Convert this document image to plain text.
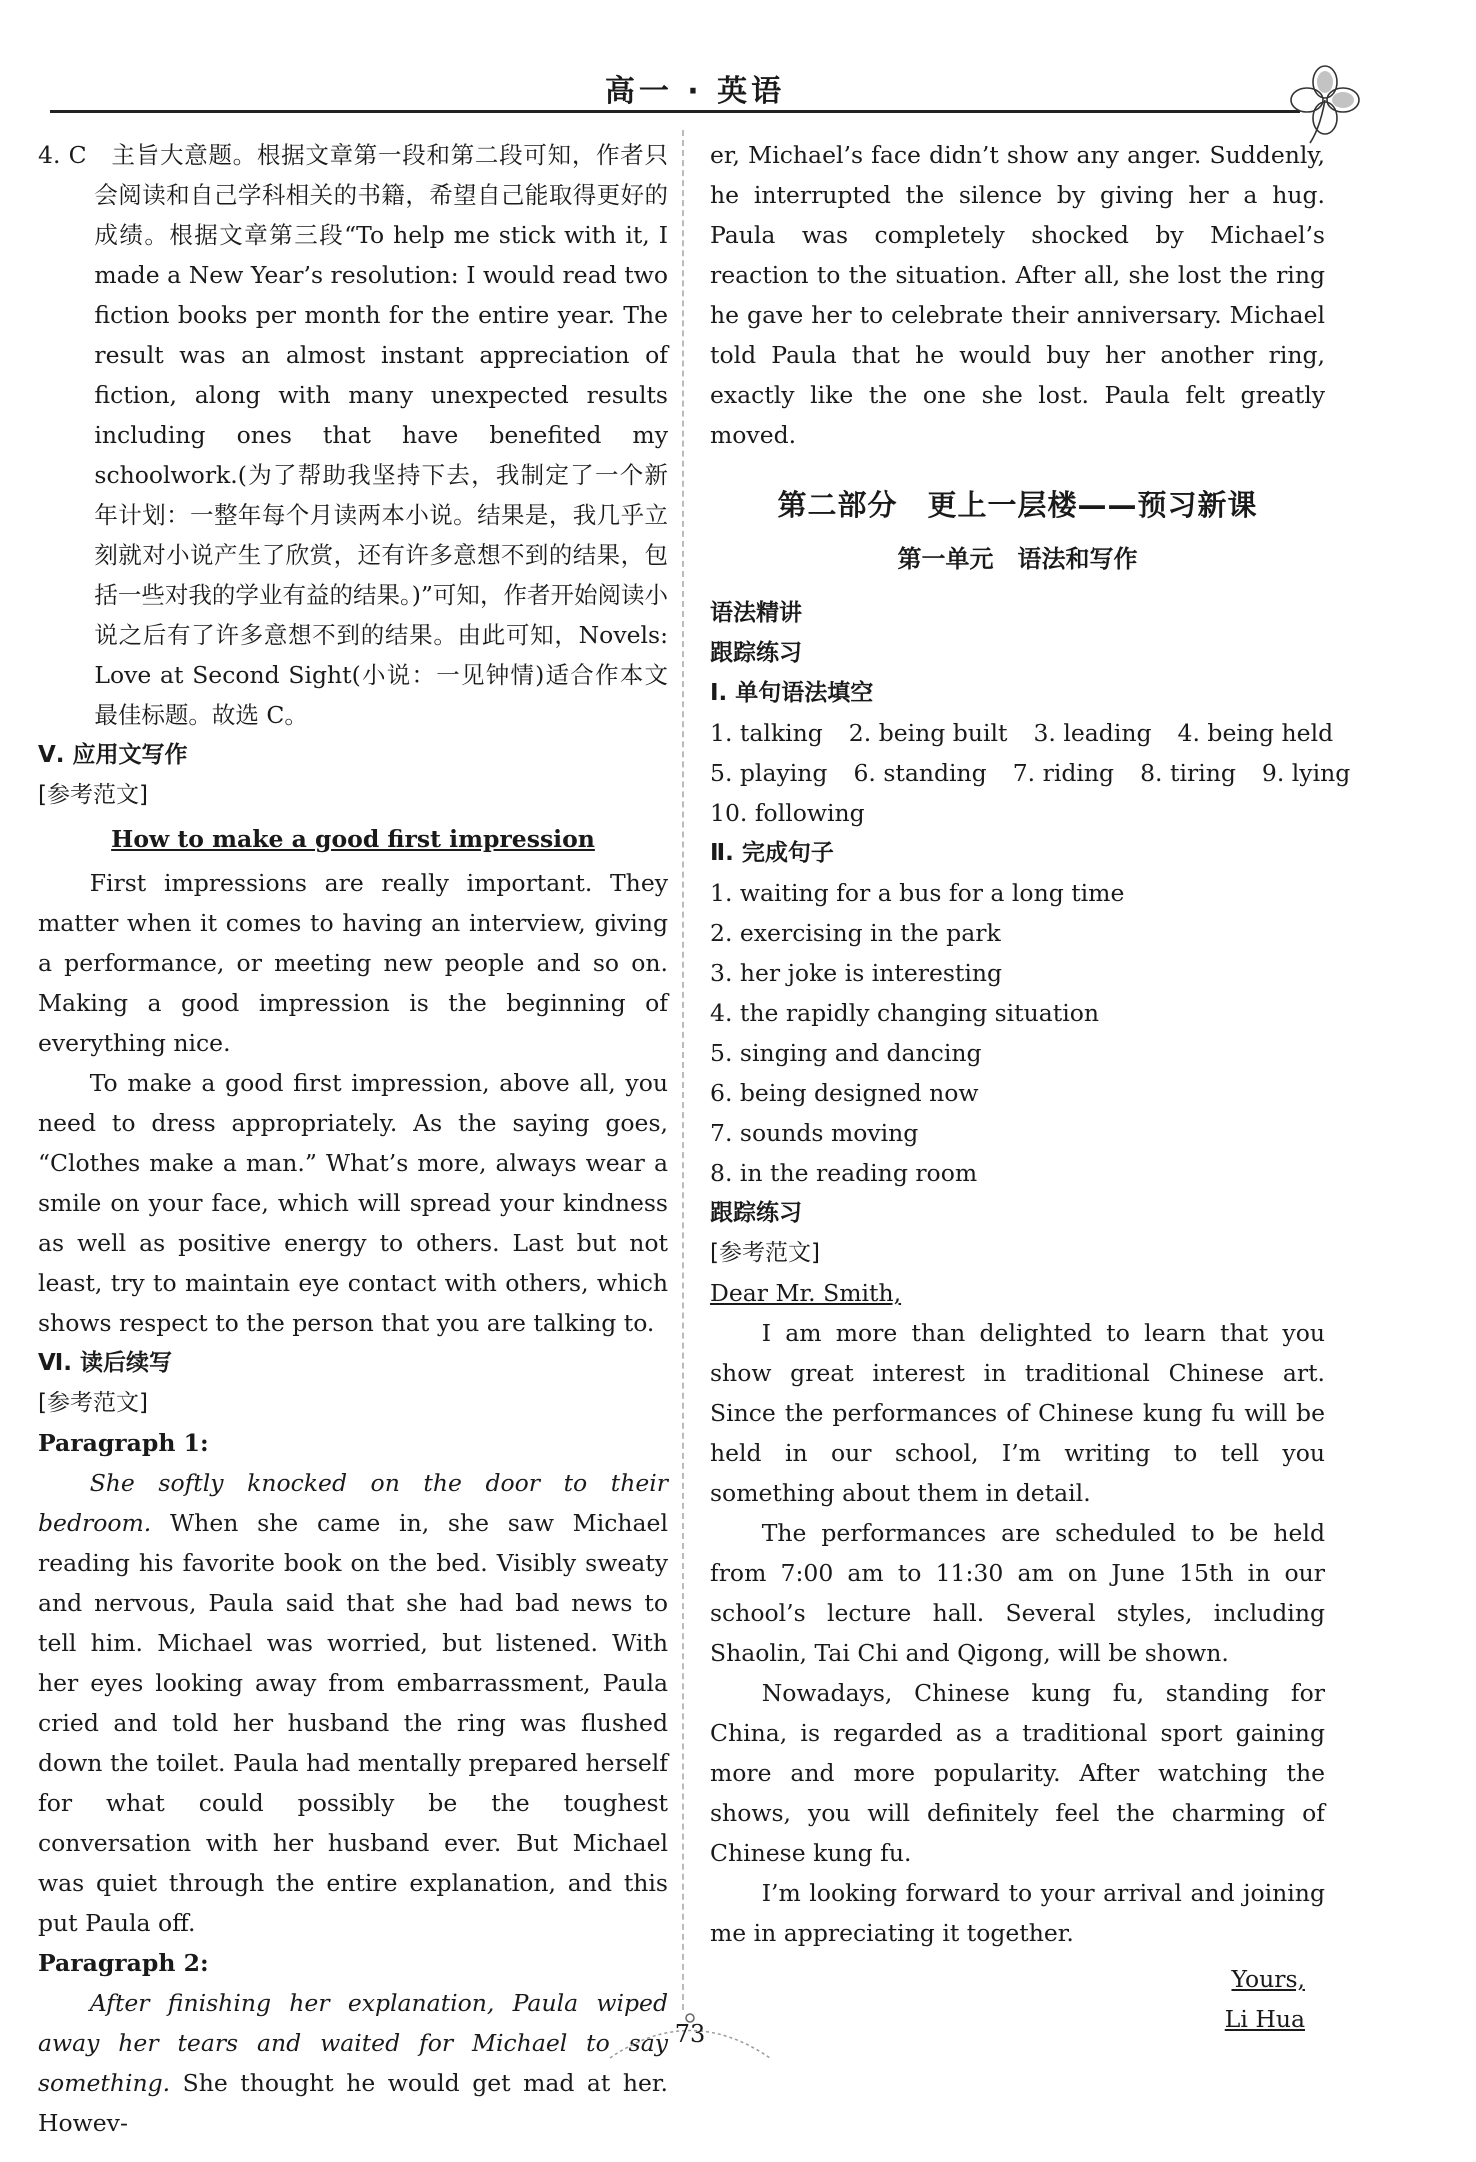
高一 · 英语

4. C　主旨大意题。根据文章第一段和第二段可知，作者只会阅读和自己学科相关的书籍，希望自己能取得更好的成绩。根据文章第三段“To help me stick with it, I made a New Year’s resolution: I would read two fiction books per month for the entire year. The result was an almost instant appreciation of fiction, along with many unexpected results including ones that have benefited my schoolwork.(为了帮助我坚持下去，我制定了一个新年计划：一整年每个月读两本小说。结果是，我几乎立刻就对小说产生了欣赏，还有许多意想不到的结果，包括一些对我的学业有益的结果。)”可知，作者开始阅读小说之后有了许多意想不到的结果。由此可知，Novels: Love at Second Sight(小说：一见钟情)适合作本文最佳标题。故选 C。

Ⅴ. 应用文写作

[参考范文]

How to make a good first impression

First impressions are really important. They matter when it comes to having an interview, giving a performance, or meeting new people and so on. Making a good impression is the beginning of everything nice.

To make a good first impression, above all, you need to dress appropriately. As the saying goes, “Clothes make a man.” What’s more, always wear a smile on your face, which will spread your kindness as well as positive energy to others. Last but not least, try to maintain eye contact with others, which shows respect to the person that you are talking to.

Ⅵ. 读后续写

[参考范文]

Paragraph 1:

She softly knocked on the door to their bedroom. When she came in, she saw Michael reading his favorite book on the bed. Visibly sweaty and nervous, Paula said that she had bad news to tell him. Michael was worried, but listened. With her eyes looking away from embarrassment, Paula cried and told her husband the ring was flushed down the toilet. Paula had mentally prepared herself for what could possibly be the toughest conversation with her husband ever. But Michael was quiet through the entire explanation, and this put Paula off.

Paragraph 2:

After finishing her explanation, Paula wiped away her tears and waited for Michael to say something. She thought he would get mad at her. Howev-

er, Michael’s face didn’t show any anger. Suddenly, he interrupted the silence by giving her a hug. Paula was completely shocked by Michael’s reaction to the situation. After all, she lost the ring he gave her to celebrate their anniversary. Michael told Paula that he would buy her another ring, exactly like the one she lost. Paula felt greatly moved.

第二部分　更上一层楼——预习新课

第一单元　语法和写作

语法精讲

跟踪练习

Ⅰ. 单句语法填空

1. talking 2. being built 3. leading 4. being held
5. playing 6. standing 7. riding 8. tiring 9. lying
10. following

Ⅱ. 完成句子

1. waiting for a bus for a long time

2. exercising in the park

3. her joke is interesting

4. the rapidly changing situation

5. singing and dancing

6. being designed now

7. sounds moving

8. in the reading room

跟踪练习

[参考范文]

Dear Mr. Smith,

I am more than delighted to learn that you show great interest in traditional Chinese art. Since the performances of Chinese kung fu will be held in our school, I’m writing to tell you something about them in detail.

The performances are scheduled to be held from 7:00 am to 11:30 am on June 15th in our school’s lecture hall. Several styles, including Shaolin, Tai Chi and Qigong, will be shown.

Nowadays, Chinese kung fu, standing for China, is regarded as a traditional sport gaining more and more popularity. After watching the shows, you will definitely feel the charming of Chinese kung fu.

I’m looking forward to your arrival and joining me in appreciating it together.

Yours,

Li Hua

73
